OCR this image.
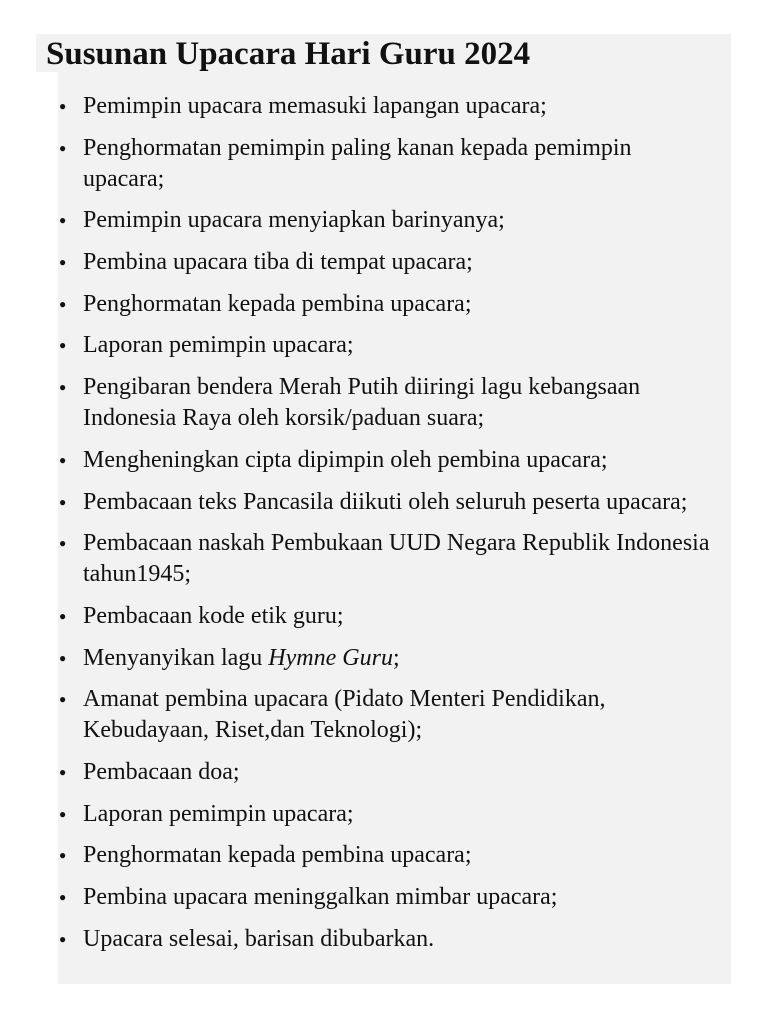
Susunan Upacara Hari Guru 2024
● Pemimpin upacara memasuki lapangan upacara;
● Penghormatan pemimpin paling kanan kepada pemimpin upacara;
● Pemimpin upacara menyiapkan barinyanya;
● Pembina upacara tiba di tempat upacara;
● Penghormatan kepada pembina upacara;
● Laporan pemimpin upacara;
● Pengibaran bendera Merah Putih diiringi lagu kebangsaan Indonesia Raya oleh korsik/paduan suara;
● Mengheningkan cipta dipimpin oleh pembina upacara;
● Pembacaan teks Pancasila diikuti oleh seluruh peserta upacara;
● Pembacaan naskah Pembukaan UUD Negara Republik Indonesia tahun1945;
● Pembacaan kode etik guru;
● Menyanyikan lagu Hymne Guru;
● Amanat pembina upacara (Pidato Menteri Pendidikan, Kebudayaan, Riset,dan Teknologi);
● Pembacaan doa;
● Laporan pemimpin upacara;
● Penghormatan kepada pembina upacara;
● Pembina upacara meninggalkan mimbar upacara;
● Upacara selesai, barisan dibubarkan.
